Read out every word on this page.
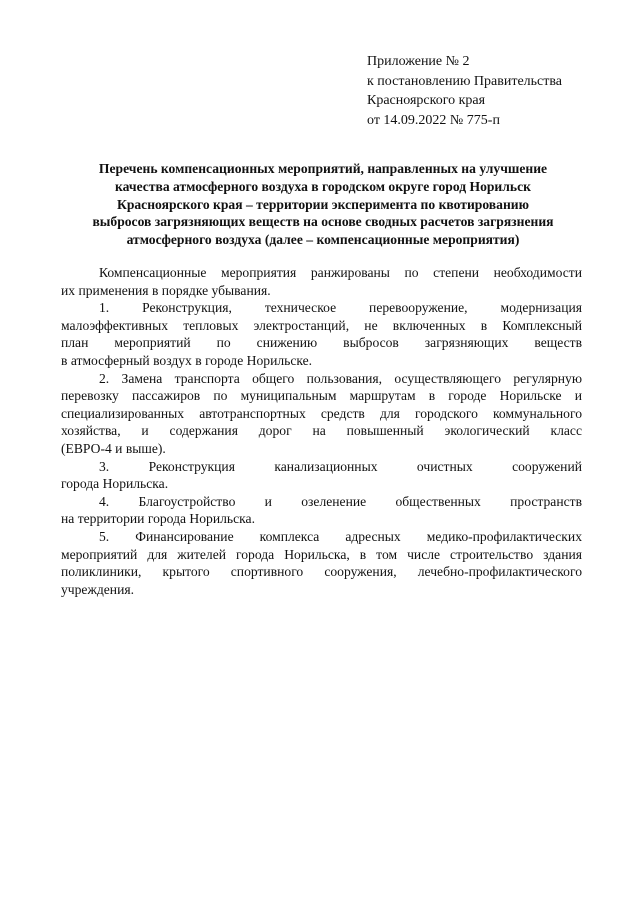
Приложение № 2
к постановлению Правительства
Красноярского края
от 14.09.2022 № 775-п
Перечень компенсационных мероприятий, направленных на улучшение
качества атмосферного воздуха в городском округе город Норильск
Красноярского края – территории эксперимента по квотированию
выбросов загрязняющих веществ на основе сводных расчетов загрязнения
атмосферного воздуха (далее – компенсационные мероприятия)
Компенсационные мероприятия ранжированы по степени необходимости
их применения в порядке убывания.
1. Реконструкция, техническое перевооружение, модернизация
малоэффективных тепловых электростанций, не включенных в Комплексный
план мероприятий по снижению выбросов загрязняющих веществ
в атмосферный воздух в городе Норильске.
2. Замена транспорта общего пользования, осуществляющего регулярную
перевозку пассажиров по муниципальным маршрутам в городе Норильске и
специализированных автотранспортных средств для городского коммунального
хозяйства, и содержания дорог на повышенный экологический класс
(ЕВРО-4 и выше).
3. Реконструкция канализационных очистных сооружений
города Норильска.
4. Благоустройство и озеленение общественных пространств
на территории города Норильска.
5. Финансирование комплекса адресных медико-профилактических
мероприятий для жителей города Норильска, в том числе строительство здания
поликлиники, крытого спортивного сооружения, лечебно-профилактического
учреждения.
